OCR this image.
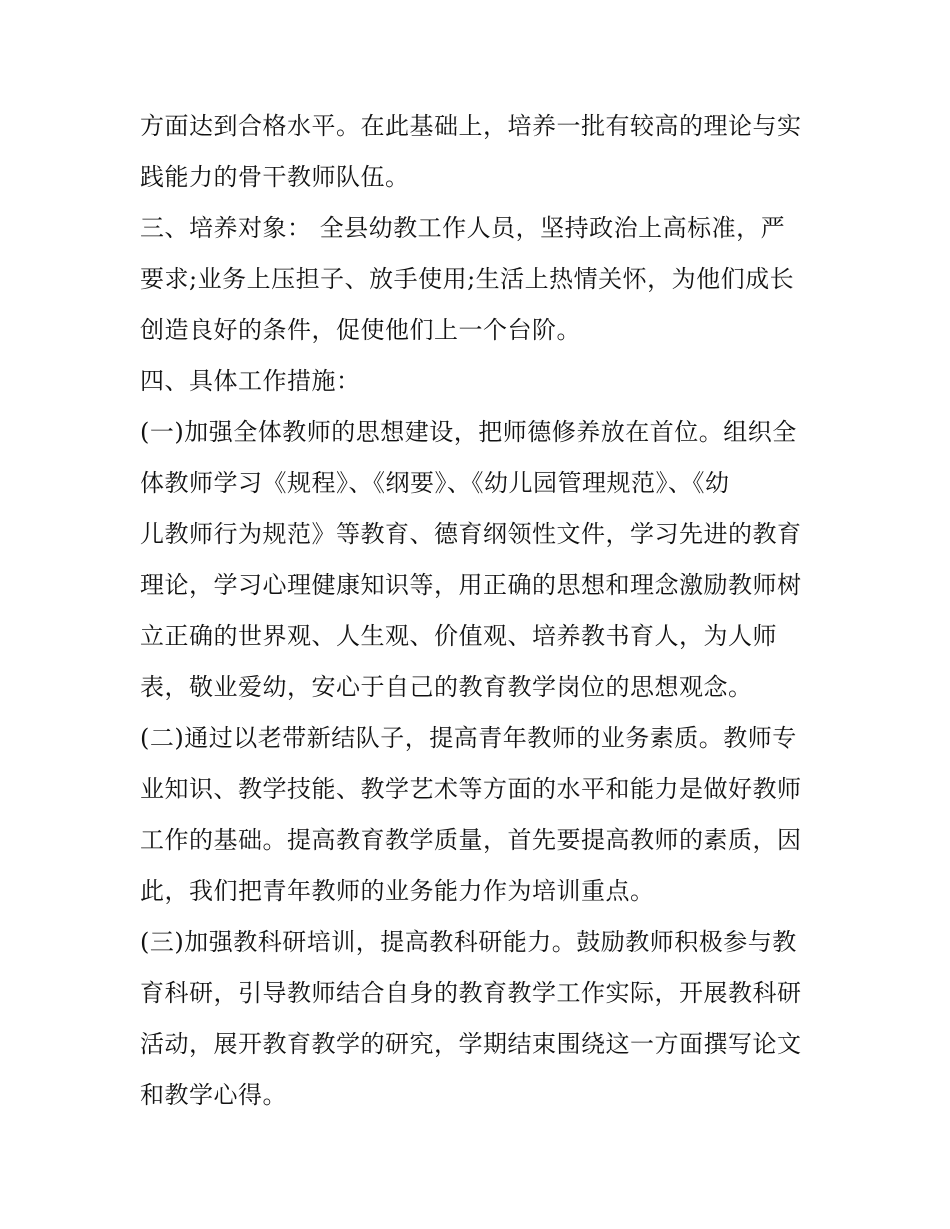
方面达到合格水平。在此基础上，培养一批有较高的理论与实
践能力的骨干教师队伍。
三、培养对象： 全县幼教工作人员，坚持政治上高标准，严
要求;业务上压担子、放手使用;生活上热情关怀，为他们成长
创造良好的条件，促使他们上一个台阶。
四、具体工作措施：
(一)加强全体教师的思想建设，把师德修养放在首位。组织全
体教师学习《规程》、《纲要》、《幼儿园管理规范》、《幼
儿教师行为规范》等教育、德育纲领性文件，学习先进的教育
理论，学习心理健康知识等，用正确的思想和理念激励教师树
立正确的世界观、人生观、价值观、培养教书育人，为人师
表，敬业爱幼，安心于自己的教育教学岗位的思想观念。
(二)通过以老带新结队子，提高青年教师的业务素质。教师专
业知识、教学技能、教学艺术等方面的水平和能力是做好教师
工作的基础。提高教育教学质量，首先要提高教师的素质，因
此，我们把青年教师的业务能力作为培训重点。
(三)加强教科研培训，提高教科研能力。鼓励教师积极参与教
育科研，引导教师结合自身的教育教学工作实际，开展教科研
活动，展开教育教学的研究，学期结束围绕这一方面撰写论文
和教学心得。
